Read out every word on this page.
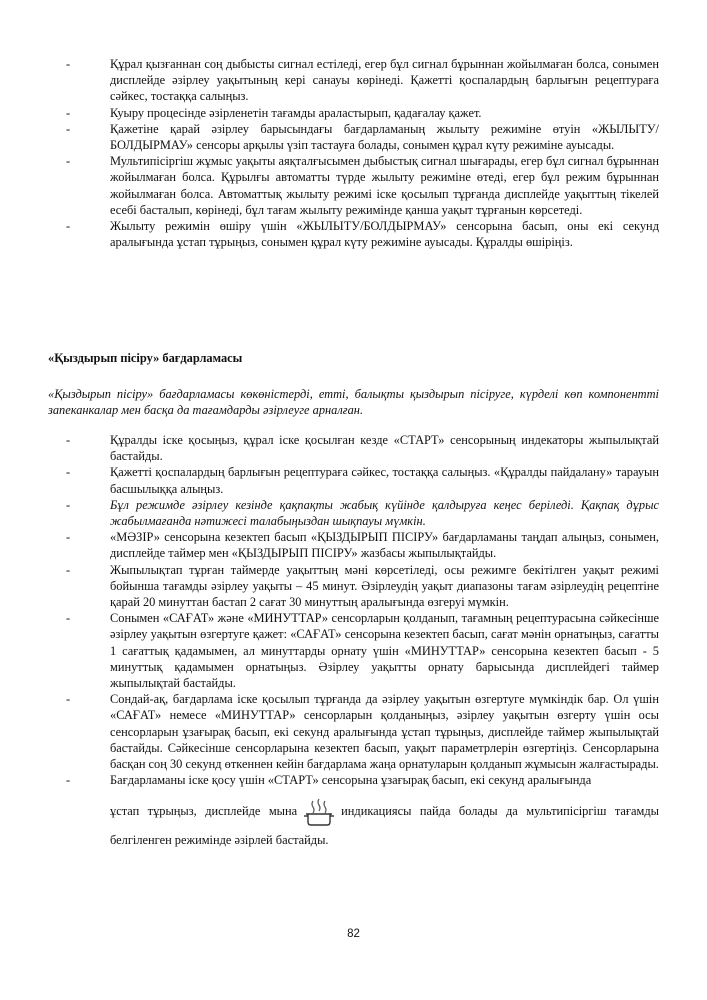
-	Құрал қызғаннан соң дыбысты сигнал естіледі, егер бұл сигнал бұрыннан жойылмаған болса, сонымен дисплейде әзірлеу уақытының кері санауы көрінеді. Қажетті қоспалардың барлығын рецептураға сәйкес, тостаққа салыңыз.
-	Куыру процесінде әзірленетін тағамды араластырып, қадағалау қажет.
-	Қажетіне қарай әзірлеу барысындағы бағдарламаның жылыту режиміне өтуін «ЖЫЛЫТУ/БОЛДЫРМАУ» сенсоры арқылы үзіп тастауға болады, сонымен құрал күту режиміне ауысады.
-	Мультипісіргіш жұмыс уақыты аяқталғысымен дыбыстық сигнал шығарады, егер бұл сигнал бұрыннан жойылмаған болса. Құрылғы автоматты түрде жылыту режиміне өтеді, егер бұл режим бұрыннан жойылмаған болса. Автоматтық жылыту режимі іске қосылып тұрғанда дисплейде уақыттың тікелей есебі басталып, көрінеді, бұл тағам жылыту режимінде қанша уақыт тұрғанын көрсетеді.
-	Жылыту режимін өшіру үшін «ЖЫЛЫТУ/БОЛДЫРМАУ» сенсорына басып, оны екі секунд аралығында ұстап тұрыңыз, сонымен құрал күту режиміне ауысады. Құралды өшіріңіз.
«Қыздырып пісіру» бағдарламасы
«Қыздырып пісіру» бағдарламасы көкөністерді, етті, балықты қыздырып пісіруге, күрделі көп компонентті запеканкалар мен басқа да тағамдарды әзірлеуге арналған.
-	Құралды іске қосыңыз, құрал іске қосылған кезде «СТАРТ» сенсорының индекаторы жыпылықтай бастайды.
-	Қажетті қоспалардың барлығын рецептураға сәйкес, тостаққа салыңыз. «Құралды пайдалану» тарауын басшылыққа алыңыз.
-	Бұл режимде әзірлеу кезінде қақпақты жабық күйінде қалдыруға кеңес беріледі. Қақпақ дұрыс жабылмағанда нәтижесі талабыңыздан шықпауы мүмкін.
-	«МӘЗІР» сенсорына кезектеп басып «ҚЫЗДЫРЫП ПІСІРУ» бағдарламаны таңдап алыңыз, сонымен, дисплейде таймер мен «ҚЫЗДЫРЫП ПІСІРУ» жазбасы жыпылықтайды.
-	Жыпылықтап тұрған таймерде уақыттың мәні көрсетіледі, осы режимге бекітілген уақыт режимі бойынша тағамды әзірлеу уақыты – 45 минут. Әзірлеудің уақыт диапазоны тағам әзірлеудің рецептіне қарай 20 минуттан бастап 2 сағат 30 минуттың аралығында өзгеруі мүмкін.
-	Сонымен «САҒАТ» және «МИНУТТАР» сенсорларын қолданып, тағамның рецептурасына сәйкесінше әзірлеу уақытын өзгертуге қажет: «САҒАТ» сенсорына кезектеп басып, сағат мәнін орнатыңыз, сағатты 1 сағаттық қадамымен, ал минуттарды орнату үшін «МИНУТТАР» сенсорына кезектеп басып - 5 минуттық қадамымен орнатыңыз. Әзірлеу уақытты орнату барысында дисплейдегі таймер жыпылықтай бастайды.
-	Сондай-ақ, бағдарлама іске қосылып тұрғанда да әзірлеу уақытын өзгертуге мүмкіндік бар. Ол үшін «САҒАТ» немесе «МИНУТТАР» сенсорларын қолданыңыз, әзірлеу уақытын өзгерту үшін осы сенсорларын ұзағырақ басып, екі секунд аралығында ұстап тұрыңыз, дисплейде таймер жыпылықтай бастайды. Сәйкесінше сенсорларына кезектеп басып, уақыт параметрлерін өзгертіңіз. Сенсорларына басқан соң 30 секунд өткеннен кейін бағдарлама жаңа орнатуларын қолданып жұмысын жалғастырады.
-	Бағдарламаны іске қосу үшін «СТАРТ» сенсорына ұзағырақ басып, екі секунд аралығында
ұстап тұрыңыз, дисплейде мына	индикациясы пайда болады да мультипісіргіш тағамды белгіленген режимінде әзірлей бастайды.
82
